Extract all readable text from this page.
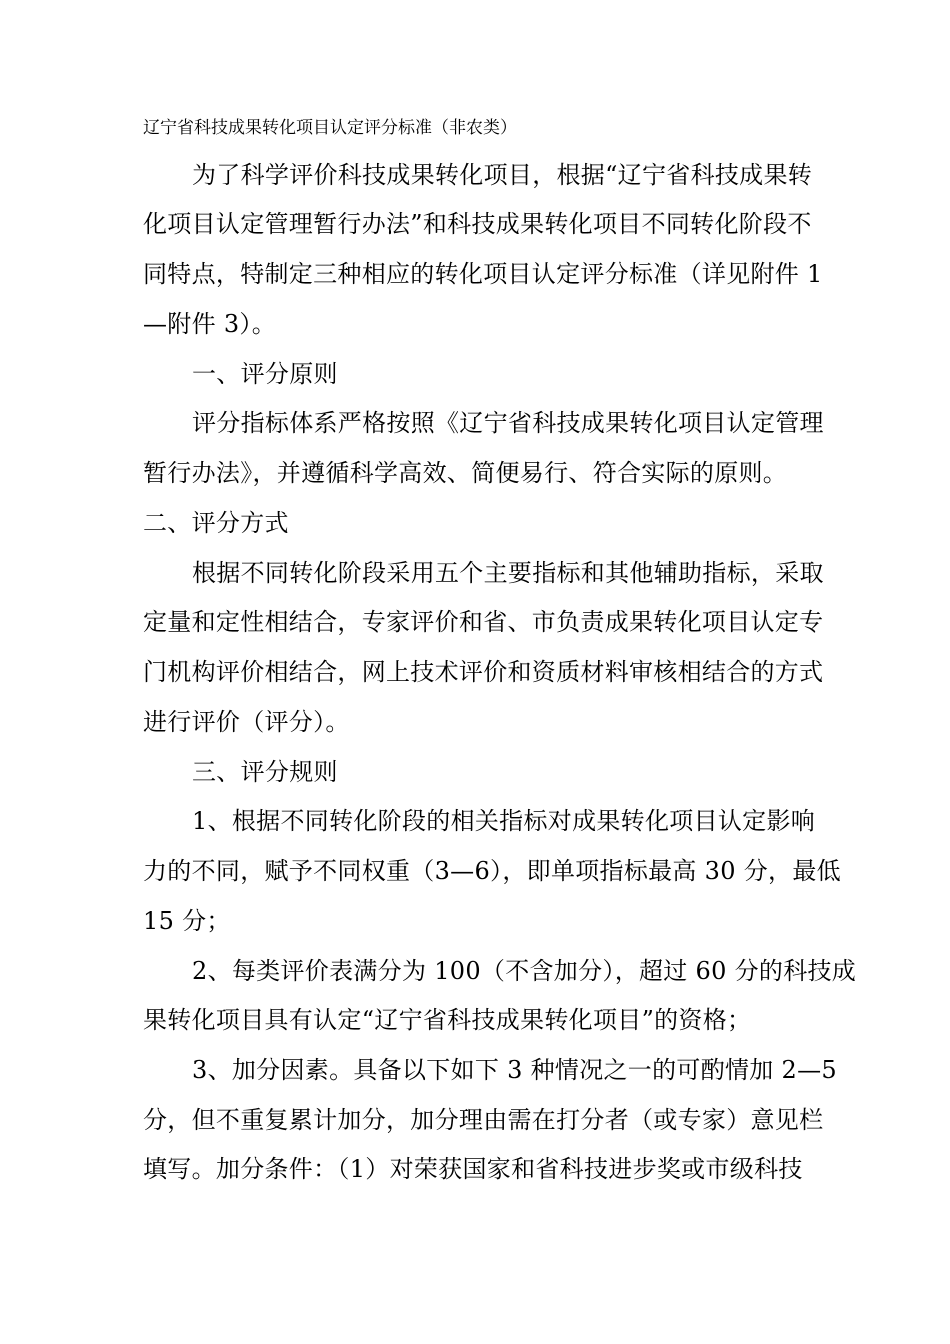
辽宁省科技成果转化项目认定评分标准（非农类）
为了科学评价科技成果转化项目，根据“辽宁省科技成果转
化项目认定管理暂行办法”和科技成果转化项目不同转化阶段不
同特点，特制定三种相应的转化项目认定评分标准（详见附件 1
—附件 3）。
一、评分原则
评分指标体系严格按照《辽宁省科技成果转化项目认定管理
暂行办法》，并遵循科学高效、简便易行、符合实际的原则。
二、评分方式
根据不同转化阶段采用五个主要指标和其他辅助指标，采取
定量和定性相结合，专家评价和省、市负责成果转化项目认定专
门机构评价相结合，网上技术评价和资质材料审核相结合的方式
进行评价（评分）。
三、评分规则
1、根据不同转化阶段的相关指标对成果转化项目认定影响
力的不同，赋予不同权重（3—6），即单项指标最高 30 分，最低
15 分；
2、每类评价表满分为 100（不含加分），超过 60 分的科技成
果转化项目具有认定“辽宁省科技成果转化项目”的资格；
3、加分因素。具备以下如下 3 种情况之一的可酌情加 2—5
分，但不重复累计加分，加分理由需在打分者（或专家）意见栏
填写。加分条件：（1）对荣获国家和省科技进步奖或市级科技
